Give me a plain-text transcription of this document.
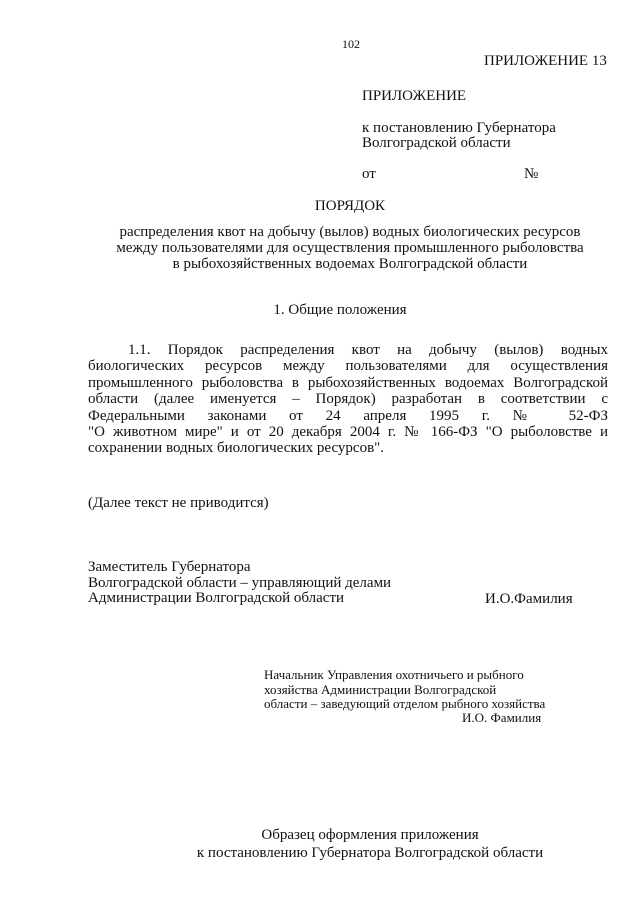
102
ПРИЛОЖЕНИЕ 13
ПРИЛОЖЕНИЕ
к постановлению Губернатора
Волгоградской области
от	№
ПОРЯДОК
распределения квот на добычу (вылов) водных биологических ресурсов
между пользователями для осуществления промышленного рыболовства
в рыбохозяйственных водоемах Волгоградской области
1. Общие положения
1.1. Порядок распределения квот на добычу (вылов) водных
биологических ресурсов между пользователями для осуществления
промышленного рыболовства в рыбохозяйственных водоемах Волгоградской
области (далее именуется – Порядок) разработан в соответствии с
Федеральными законами от 24 апреля 1995 г. № 52-ФЗ
"О животном мире" и от 20 декабря 2004 г. № 166-ФЗ "О рыболовстве и
сохранении водных биологических ресурсов".
(Далее текст не приводится)
Заместитель Губернатора
Волгоградской области – управляющий делами
Администрации Волгоградской области	И.О.Фамилия
Начальник Управления охотничьего и рыбного
хозяйства Администрации Волгоградской
области – заведующий отделом рыбного хозяйства
И.О. Фамилия
Образец оформления приложения
к постановлению Губернатора Волгоградской области
